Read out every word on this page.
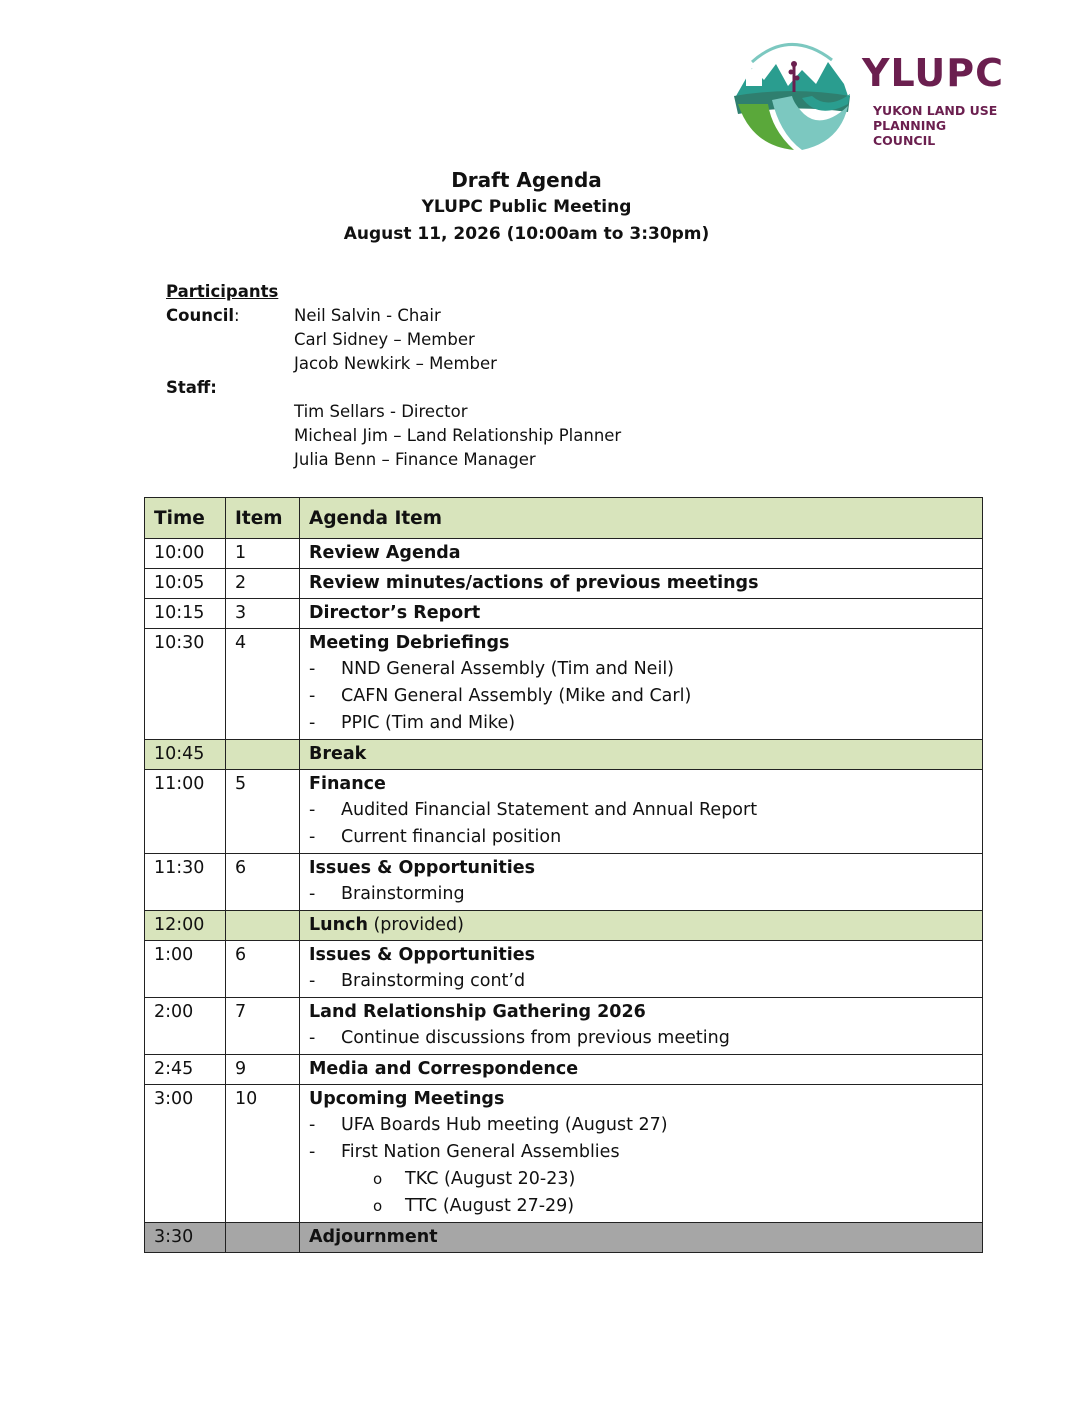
YLUPC
YUKON LAND USE
PLANNING COUNCIL
Draft Agenda
YLUPC Public Meeting
August 11, 2026 (10:00am to 3:30pm)
Participants
Council:	Neil Salvin - Chair
Carl Sidney – Member
Jacob Newkirk – Member
Staff:
Tim Sellars - Director
Micheal Jim – Land Relationship Planner
Julia Benn – Finance Manager
Time	Item	Agenda Item
10:00	1	Review Agenda

10:05	2	Review minutes/actions of previous meetings

10:15	3	Director’s Report

10:30	4	Meeting Debriefings
- NND General Assembly (Tim and Neil)
- CAFN General Assembly (Mike and Carl)
- PPIC (Tim and Mike)

10:45		Break

11:00	5	Finance
- Audited Financial Statement and Annual Report
- Current financial position

11:30	6	Issues & Opportunities
- Brainstorming

12:00		Lunch (provided)

1:00	6	Issues & Opportunities
- Brainstorming cont’d

2:00	7	Land Relationship Gathering 2026
- Continue discussions from previous meeting

2:45	9	Media and Correspondence

3:00	10	Upcoming Meetings
- UFA Boards Hub meeting (August 27)
- First Nation General Assemblies
o TKC (August 20-23)
o TTC (August 27-29)

3:30		Adjournment
